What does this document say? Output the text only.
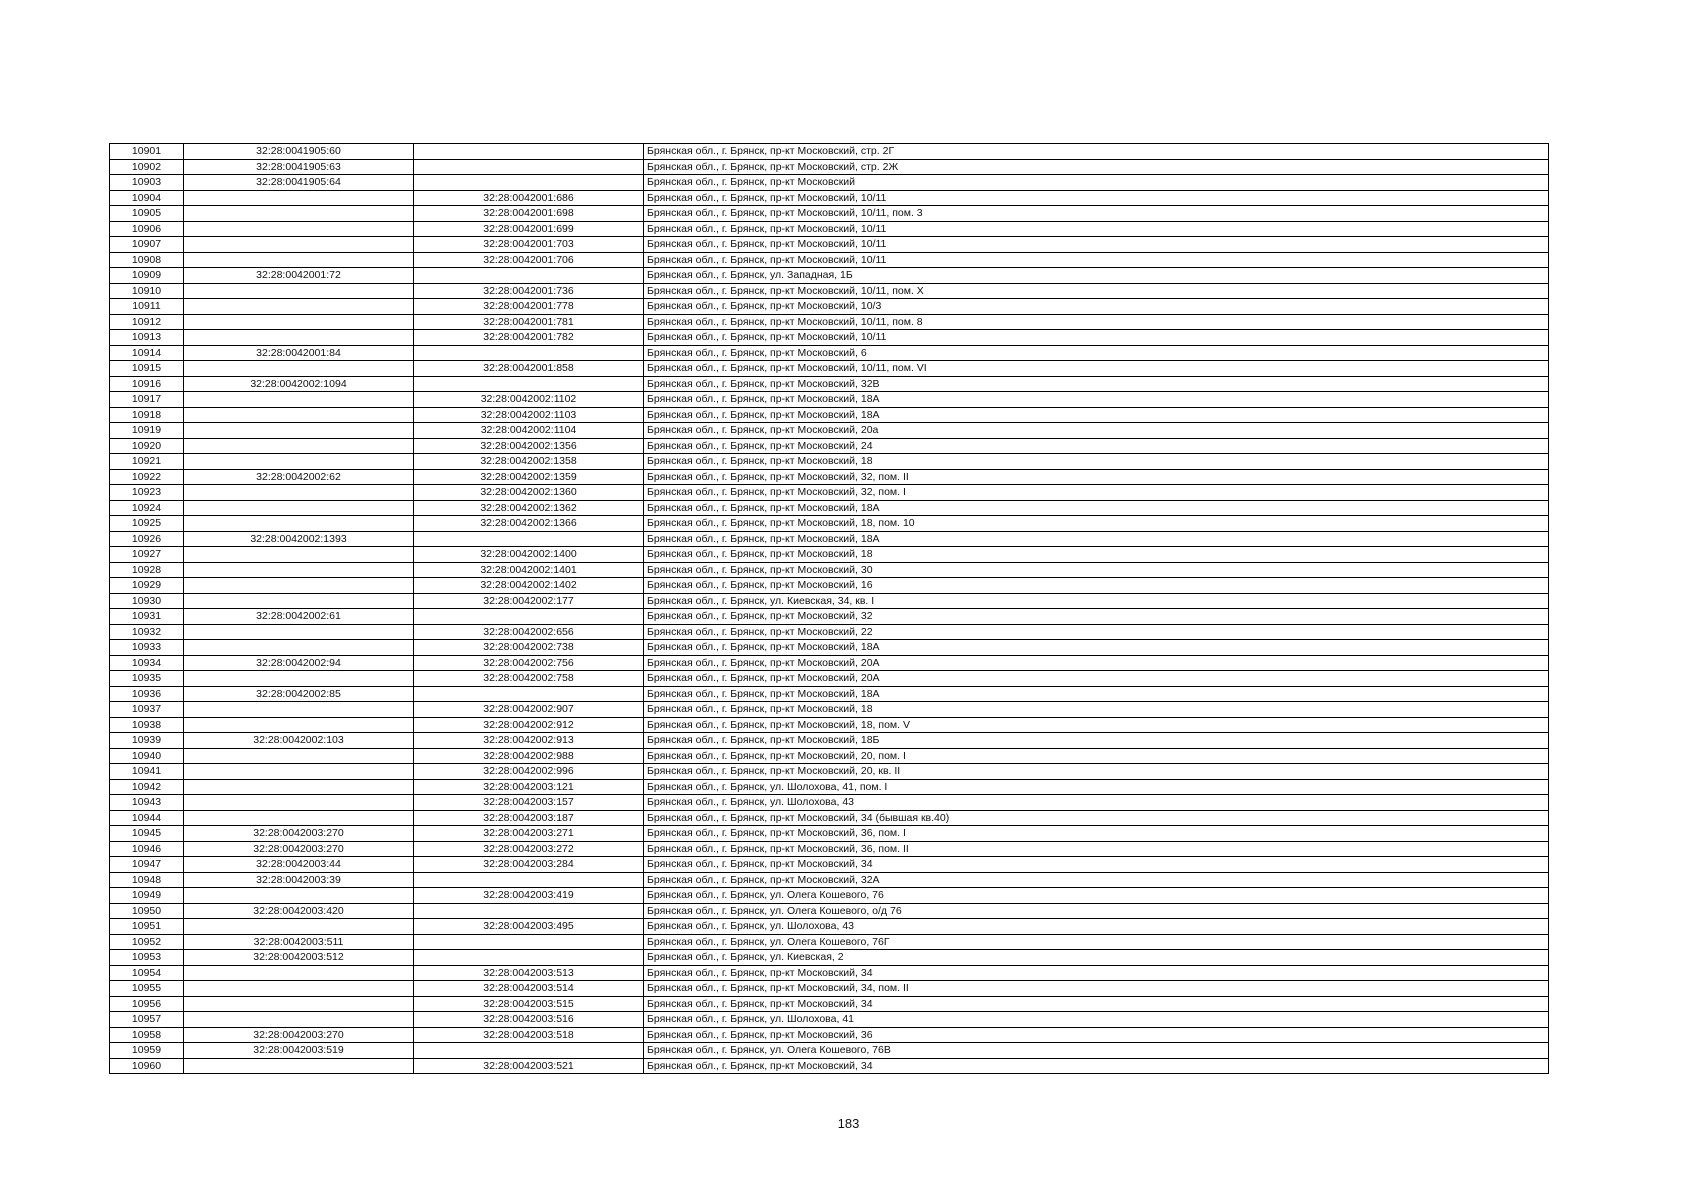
10901	32:28:0041905:60		Брянская обл., г. Брянск, пр-кт Московский, стр. 2Г
10902	32:28:0041905:63		Брянская обл., г. Брянск, пр-кт Московский, стр. 2Ж
10903	32:28:0041905:64		Брянская обл., г. Брянск, пр-кт Московский
10904		32:28:0042001:686	Брянская обл., г. Брянск, пр-кт Московский, 10/11
10905		32:28:0042001:698	Брянская обл., г. Брянск, пр-кт Московский, 10/11, пом. 3
10906		32:28:0042001:699	Брянская обл., г. Брянск, пр-кт Московский, 10/11
10907		32:28:0042001:703	Брянская обл., г. Брянск, пр-кт Московский, 10/11
10908		32:28:0042001:706	Брянская обл., г. Брянск, пр-кт Московский, 10/11
10909	32:28:0042001:72		Брянская обл., г. Брянск, ул. Западная, 1Б
10910		32:28:0042001:736	Брянская обл., г. Брянск, пр-кт Московский, 10/11, пом. X
10911		32:28:0042001:778	Брянская обл., г. Брянск, пр-кт Московский, 10/3
10912		32:28:0042001:781	Брянская обл., г. Брянск, пр-кт Московский, 10/11, пом. 8
10913		32:28:0042001:782	Брянская обл., г. Брянск, пр-кт Московский, 10/11
10914	32:28:0042001:84		Брянская обл., г. Брянск, пр-кт Московский, 6
10915		32:28:0042001:858	Брянская обл., г. Брянск, пр-кт Московский, 10/11, пом. VI
10916	32:28:0042002:1094		Брянская обл., г. Брянск, пр-кт Московский, 32В
10917		32:28:0042002:1102	Брянская обл., г. Брянск, пр-кт Московский, 18А
10918		32:28:0042002:1103	Брянская обл., г. Брянск, пр-кт Московский, 18А
10919		32:28:0042002:1104	Брянская обл., г. Брянск, пр-кт Московский, 20а
10920		32:28:0042002:1356	Брянская обл., г. Брянск, пр-кт Московский, 24
10921		32:28:0042002:1358	Брянская обл., г. Брянск, пр-кт Московский, 18
10922	32:28:0042002:62	32:28:0042002:1359	Брянская обл., г. Брянск, пр-кт Московский, 32, пом. II
10923		32:28:0042002:1360	Брянская обл., г. Брянск, пр-кт Московский, 32, пом. I
10924		32:28:0042002:1362	Брянская обл., г. Брянск, пр-кт Московский, 18А
10925		32:28:0042002:1366	Брянская обл., г. Брянск, пр-кт Московский, 18, пом. 10
10926	32:28:0042002:1393		Брянская обл., г. Брянск, пр-кт Московский, 18А
10927		32:28:0042002:1400	Брянская обл., г. Брянск, пр-кт Московский, 18
10928		32:28:0042002:1401	Брянская обл., г. Брянск, пр-кт Московский, 30
10929		32:28:0042002:1402	Брянская обл., г. Брянск, пр-кт Московский, 16
10930		32:28:0042002:177	Брянская обл., г. Брянск, ул. Киевская, 34, кв. I
10931	32:28:0042002:61		Брянская обл., г. Брянск, пр-кт Московский, 32
10932		32:28:0042002:656	Брянская обл., г. Брянск, пр-кт Московский, 22
10933		32:28:0042002:738	Брянская обл., г. Брянск, пр-кт Московский, 18А
10934	32:28:0042002:94	32:28:0042002:756	Брянская обл., г. Брянск, пр-кт Московский, 20А
10935		32:28:0042002:758	Брянская обл., г. Брянск, пр-кт Московский, 20А
10936	32:28:0042002:85		Брянская обл., г. Брянск, пр-кт Московский, 18А
10937		32:28:0042002:907	Брянская обл., г. Брянск, пр-кт Московский, 18
10938		32:28:0042002:912	Брянская обл., г. Брянск, пр-кт Московский, 18, пом. V
10939	32:28:0042002:103	32:28:0042002:913	Брянская обл., г. Брянск, пр-кт Московский, 18Б
10940		32:28:0042002:988	Брянская обл., г. Брянск, пр-кт Московский, 20, пом. I
10941		32:28:0042002:996	Брянская обл., г. Брянск, пр-кт Московский, 20, кв. II
10942		32:28:0042003:121	Брянская обл., г. Брянск, ул. Шолохова, 41, пом. I
10943		32:28:0042003:157	Брянская обл., г. Брянск, ул. Шолохова, 43
10944		32:28:0042003:187	Брянская обл., г. Брянск, пр-кт Московский, 34 (бывшая кв.40)
10945	32:28:0042003:270	32:28:0042003:271	Брянская обл., г. Брянск, пр-кт Московский, 36, пом. I
10946	32:28:0042003:270	32:28:0042003:272	Брянская обл., г. Брянск, пр-кт Московский, 36, пом. II
10947	32:28:0042003:44	32:28:0042003:284	Брянская обл., г. Брянск, пр-кт Московский, 34
10948	32:28:0042003:39		Брянская обл., г. Брянск, пр-кт Московский, 32А
10949		32:28:0042003:419	Брянская обл., г. Брянск, ул. Олега Кошевого, 76
10950	32:28:0042003:420		Брянская обл., г. Брянск, ул. Олега Кошевого, о/д 76
10951		32:28:0042003:495	Брянская обл., г. Брянск, ул. Шолохова, 43
10952	32:28:0042003:511		Брянская обл., г. Брянск, ул. Олега Кошевого, 76Г
10953	32:28:0042003:512		Брянская обл., г. Брянск, ул. Киевская, 2
10954		32:28:0042003:513	Брянская обл., г. Брянск, пр-кт Московский, 34
10955		32:28:0042003:514	Брянская обл., г. Брянск, пр-кт Московский, 34, пом. II
10956		32:28:0042003:515	Брянская обл., г. Брянск, пр-кт Московский, 34
10957		32:28:0042003:516	Брянская обл., г. Брянск, ул. Шолохова, 41
10958	32:28:0042003:270	32:28:0042003:518	Брянская обл., г. Брянск, пр-кт Московский, 36
10959	32:28:0042003:519		Брянская обл., г. Брянск, ул. Олега Кошевого, 76В
10960		32:28:0042003:521	Брянская обл., г. Брянск, пр-кт Московский, 34
183
